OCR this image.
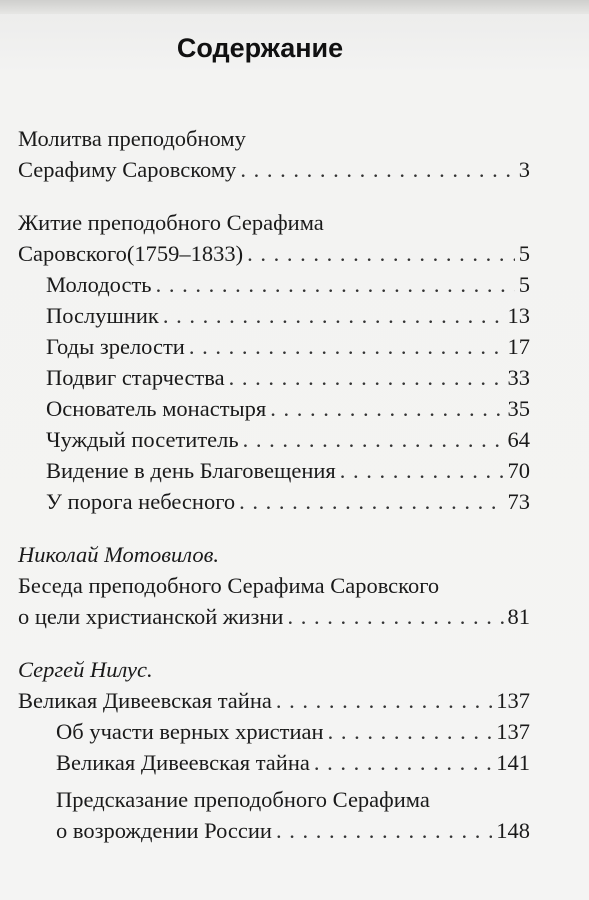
Содержание
Молитва преподобному
Серафиму Саровскому . . .	3
Житие преподобного Серафима
Саровского(1759–1833) . . .	5
Молодость . . .	5
Послушник . . .	13
Годы зрелости . . .	17
Подвиг старчества . . .	33
Основатель монастыря . . .	35
Чуждый посетитель . . .	64
Видение в день Благовещения . . .	70
У порога небесного . . .	73
Николай Мотовилов.
Беседа преподобного Серафима Саровского
о цели христианской жизни . . .	81
Сергей Нилус.
Великая Дивеевская тайна . . .	137
Об участи верных христиан . . .	137
Великая Дивеевская тайна . . .	141
Предсказание преподобного Серафима
о возрождении России . . .	148
